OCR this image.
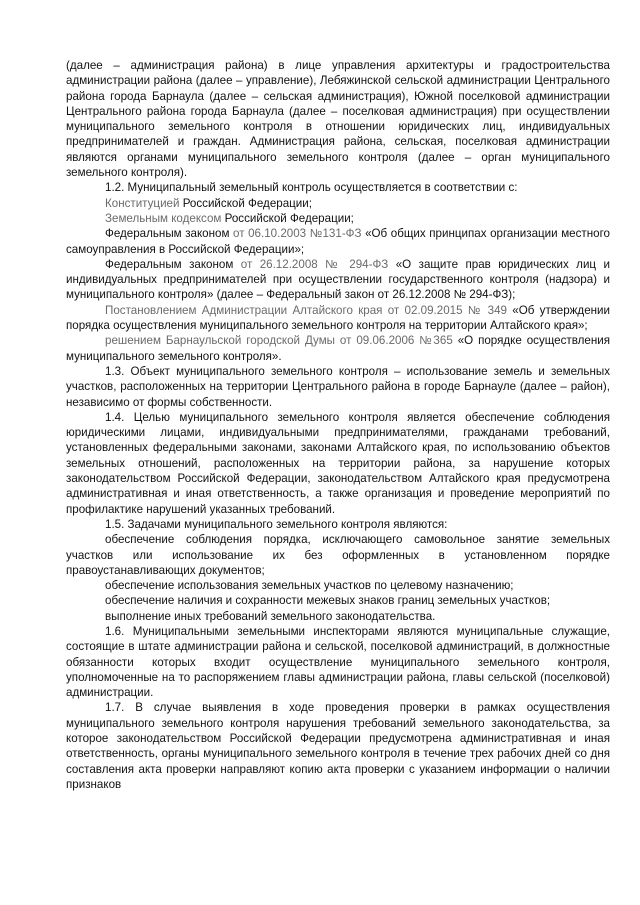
(далее – администрация района) в лице управления архитектуры и градостроительства администрации района (далее – управление), Лебяжинской сельской администрации Центрального района города Барнаула (далее – сельская администрация), Южной поселковой администрации Центрального района города Барнаула (далее – поселковая администрация) при осуществлении муниципального земельного контроля в отношении юридических лиц, индивидуальных предпринимателей и граждан. Администрация района, сельская, поселковая администрации являются органами муниципального земельного контроля (далее – орган муниципального земельного контроля).

1.2. Муниципальный земельный контроль осуществляется в соответствии с:

Конституцией Российской Федерации;

Земельным кодексом Российской Федерации;

Федеральным законом от 06.10.2003 №131-ФЗ «Об общих принципах организации местного самоуправления в Российской Федерации»;

Федеральным законом от 26.12.2008 № 294-ФЗ «О защите прав юридических лиц и индивидуальных предпринимателей при осуществлении государственного контроля (надзора) и муниципального контроля» (далее – Федеральный закон от 26.12.2008 № 294-ФЗ);

Постановлением Администрации Алтайского края от 02.09.2015 № 349 «Об утверждении порядка осуществления муниципального земельного контроля на территории Алтайского края»;

решением Барнаульской городской Думы от 09.06.2006 №365 «О порядке осуществления муниципального земельного контроля».

1.3. Объект муниципального земельного контроля – использование земель и земельных участков, расположенных на территории Центрального района в городе Барнауле (далее – район), независимо от формы собственности.

1.4. Целью муниципального земельного контроля является обеспечение соблюдения юридическими лицами, индивидуальными предпринимателями, гражданами требований, установленных федеральными законами, законами Алтайского края, по использованию объектов земельных отношений, расположенных на территории района, за нарушение которых законодательством Российской Федерации, законодательством Алтайского края предусмотрена административная и иная ответственность, а также организация и проведение мероприятий по профилактике нарушений указанных требований.

1.5. Задачами муниципального земельного контроля являются:

обеспечение соблюдения порядка, исключающего самовольное занятие земельных участков или использование их без оформленных в установленном порядке правоустанавливающих документов;

обеспечение использования земельных участков по целевому назначению;

обеспечение наличия и сохранности межевых знаков границ земельных участков;

выполнение иных требований земельного законодательства.

1.6. Муниципальными земельными инспекторами являются муниципальные служащие, состоящие в штате администрации района и сельской, поселковой администраций, в должностные обязанности которых входит осуществление муниципального земельного контроля, уполномоченные на то распоряжением главы администрации района, главы сельской (поселковой) администрации.

1.7. В случае выявления в ходе проведения проверки в рамках осуществления муниципального земельного контроля нарушения требований земельного законодательства, за которое законодательством Российской Федерации предусмотрена административная и иная ответственность, органы муниципального земельного контроля в течение трех рабочих дней со дня составления акта проверки направляют копию акта проверки с указанием информации о наличии признаков
